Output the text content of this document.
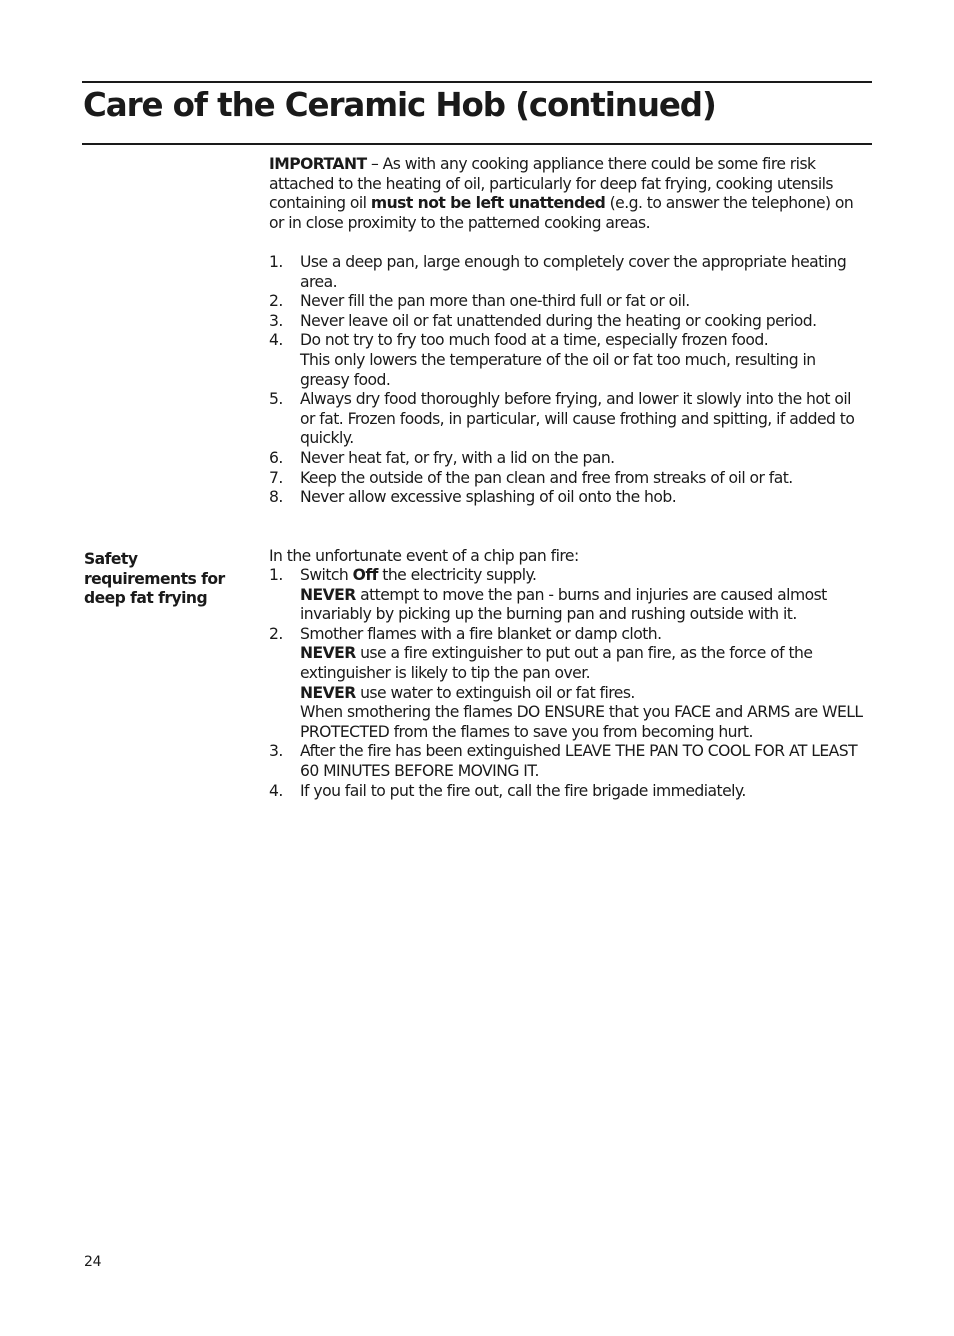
Care of the Ceramic Hob (continued)

IMPORTANT – As with any cooking appliance there could be some fire risk attached to the heating of oil, particularly for deep fat frying, cooking utensils containing oil must not be left unattended (e.g. to answer the telephone) on or in close proximity to the patterned cooking areas.

1. Use a deep pan, large enough to completely cover the appropriate heating area.
2. Never fill the pan more than one-third full or fat or oil.
3. Never leave oil or fat unattended during the heating or cooking period.
4. Do not try to fry too much food at a time, especially frozen food.
This only lowers the temperature of the oil or fat too much, resulting in greasy food.
5. Always dry food thoroughly before frying, and lower it slowly into the hot oil or fat. Frozen foods, in particular, will cause frothing and spitting, if added to quickly.
6. Never heat fat, or fry, with a lid on the pan.
7. Keep the outside of the pan clean and free from streaks of oil or fat.
8. Never allow excessive splashing of oil onto the hob.
Safety requirements for deep fat frying

In the unfortunate event of a chip pan fire:

1. Switch Off the electricity supply.
NEVER attempt to move the pan - burns and injuries are caused almost invariably by picking up the burning pan and rushing outside with it.
2. Smother flames with a fire blanket or damp cloth.
NEVER use a fire extinguisher to put out a pan fire, as the force of the extinguisher is likely to tip the pan over.
NEVER use water to extinguish oil or fat fires.
When smothering the flames DO ENSURE that you FACE and ARMS are WELL PROTECTED from the flames to save you from becoming hurt.
3. After the fire has been extinguished LEAVE THE PAN TO COOL FOR AT LEAST 60 MINUTES BEFORE MOVING IT.
4. If you fail to put the fire out, call the fire brigade immediately.
24
